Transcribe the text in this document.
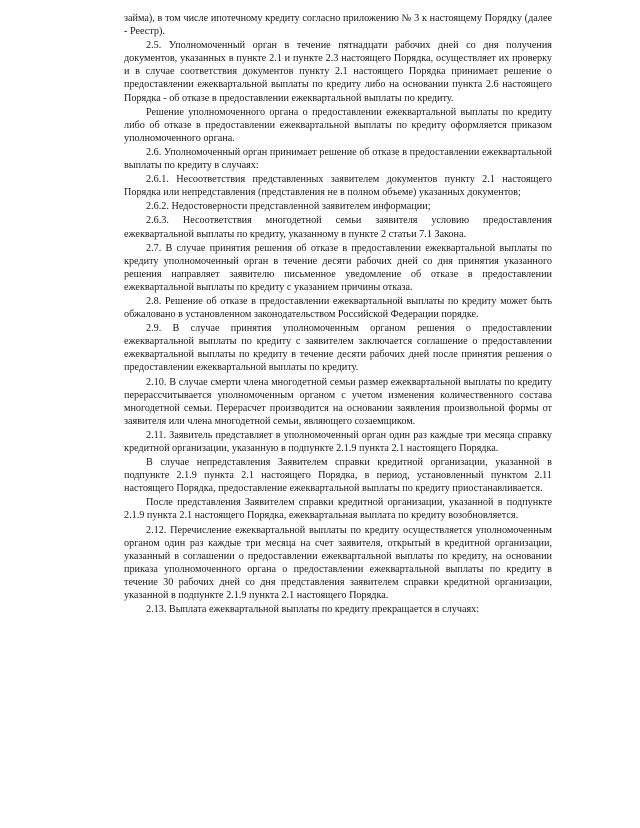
займа), в том числе ипотечному кредиту согласно приложению № 3 к настоящему Порядку (далее - Реестр).

2.5. Уполномоченный орган в течение пятнадцати рабочих дней со дня получения документов, указанных в пункте 2.1 и пункте 2.3 настоящего Порядка, осуществляет их проверку и в случае соответствия документов пункту 2.1 настоящего Порядка принимает решение о предоставлении ежеквартальной выплаты по кредиту либо на основании пункта 2.6 настоящего Порядка - об отказе в предоставлении ежеквартальной выплаты по кредиту.

Решение уполномоченного органа о предоставлении ежеквартальной выплаты по кредиту либо об отказе в предоставлении ежеквартальной выплаты по кредиту оформляется приказом уполномоченного органа.

2.6. Уполномоченный орган принимает решение об отказе в предоставлении ежеквартальной выплаты по кредиту в случаях:

2.6.1. Несоответствия представленных заявителем документов пункту 2.1 настоящего Порядка или непредставления (представления не в полном объеме) указанных документов;

2.6.2. Недостоверности представленной заявителем информации;

2.6.3. Несоответствия многодетной семьи заявителя условию предоставления ежеквартальной выплаты по кредиту, указанному в пункте 2 статьи 7.1 Закона.

2.7. В случае принятия решения об отказе в предоставлении ежеквартальной выплаты по кредиту уполномоченный орган в течение десяти рабочих дней со дня принятия указанного решения направляет заявителю письменное уведомление об отказе в предоставлении ежеквартальной выплаты по кредиту с указанием причины отказа.

2.8. Решение об отказе в предоставлении ежеквартальной выплаты по кредиту может быть обжаловано в установленном законодательством Российской Федерации порядке.

2.9. В случае принятия уполномоченным органом решения о предоставлении ежеквартальной выплаты по кредиту с заявителем заключается соглашение о предоставлении ежеквартальной выплаты по кредиту в течение десяти рабочих дней после принятия решения о предоставлении ежеквартальной выплаты по кредиту.

2.10. В случае смерти члена многодетной семьи размер ежеквартальной выплаты по кредиту перерассчитывается уполномоченным органом с учетом изменения количественного состава многодетной семьи. Перерасчет производится на основании заявления произвольной формы от заявителя или члена многодетной семьи, являющего созаемщиком.

2.11. Заявитель представляет в уполномоченный орган один раз каждые три месяца справку кредитной организации, указанную в подпункте 2.1.9 пункта 2.1 настоящего Порядка.

В случае непредставления Заявителем справки кредитной организации, указанной в подпункте 2.1.9 пункта 2.1 настоящего Порядка, в период, установленный пунктом 2.11 настоящего Порядка, предоставление ежеквартальной выплаты по кредиту приостанавливается.

После представления Заявителем справки кредитной организации, указанной в подпункте 2.1.9 пункта 2.1 настоящего Порядка, ежеквартальная выплата по кредиту возобновляется.

2.12. Перечисление ежеквартальной выплаты по кредиту осуществляется уполномоченным органом один раз каждые три месяца на счет заявителя, открытый в кредитной организации, указанный в соглашении о предоставлении ежеквартальной выплаты по кредиту, на основании приказа уполномоченного органа о предоставлении ежеквартальной выплаты по кредиту в течение 30 рабочих дней со дня представления заявителем справки кредитной организации, указанной в подпункте 2.1.9 пункта 2.1 настоящего Порядка.

2.13. Выплата ежеквартальной выплаты по кредиту прекращается в случаях:
